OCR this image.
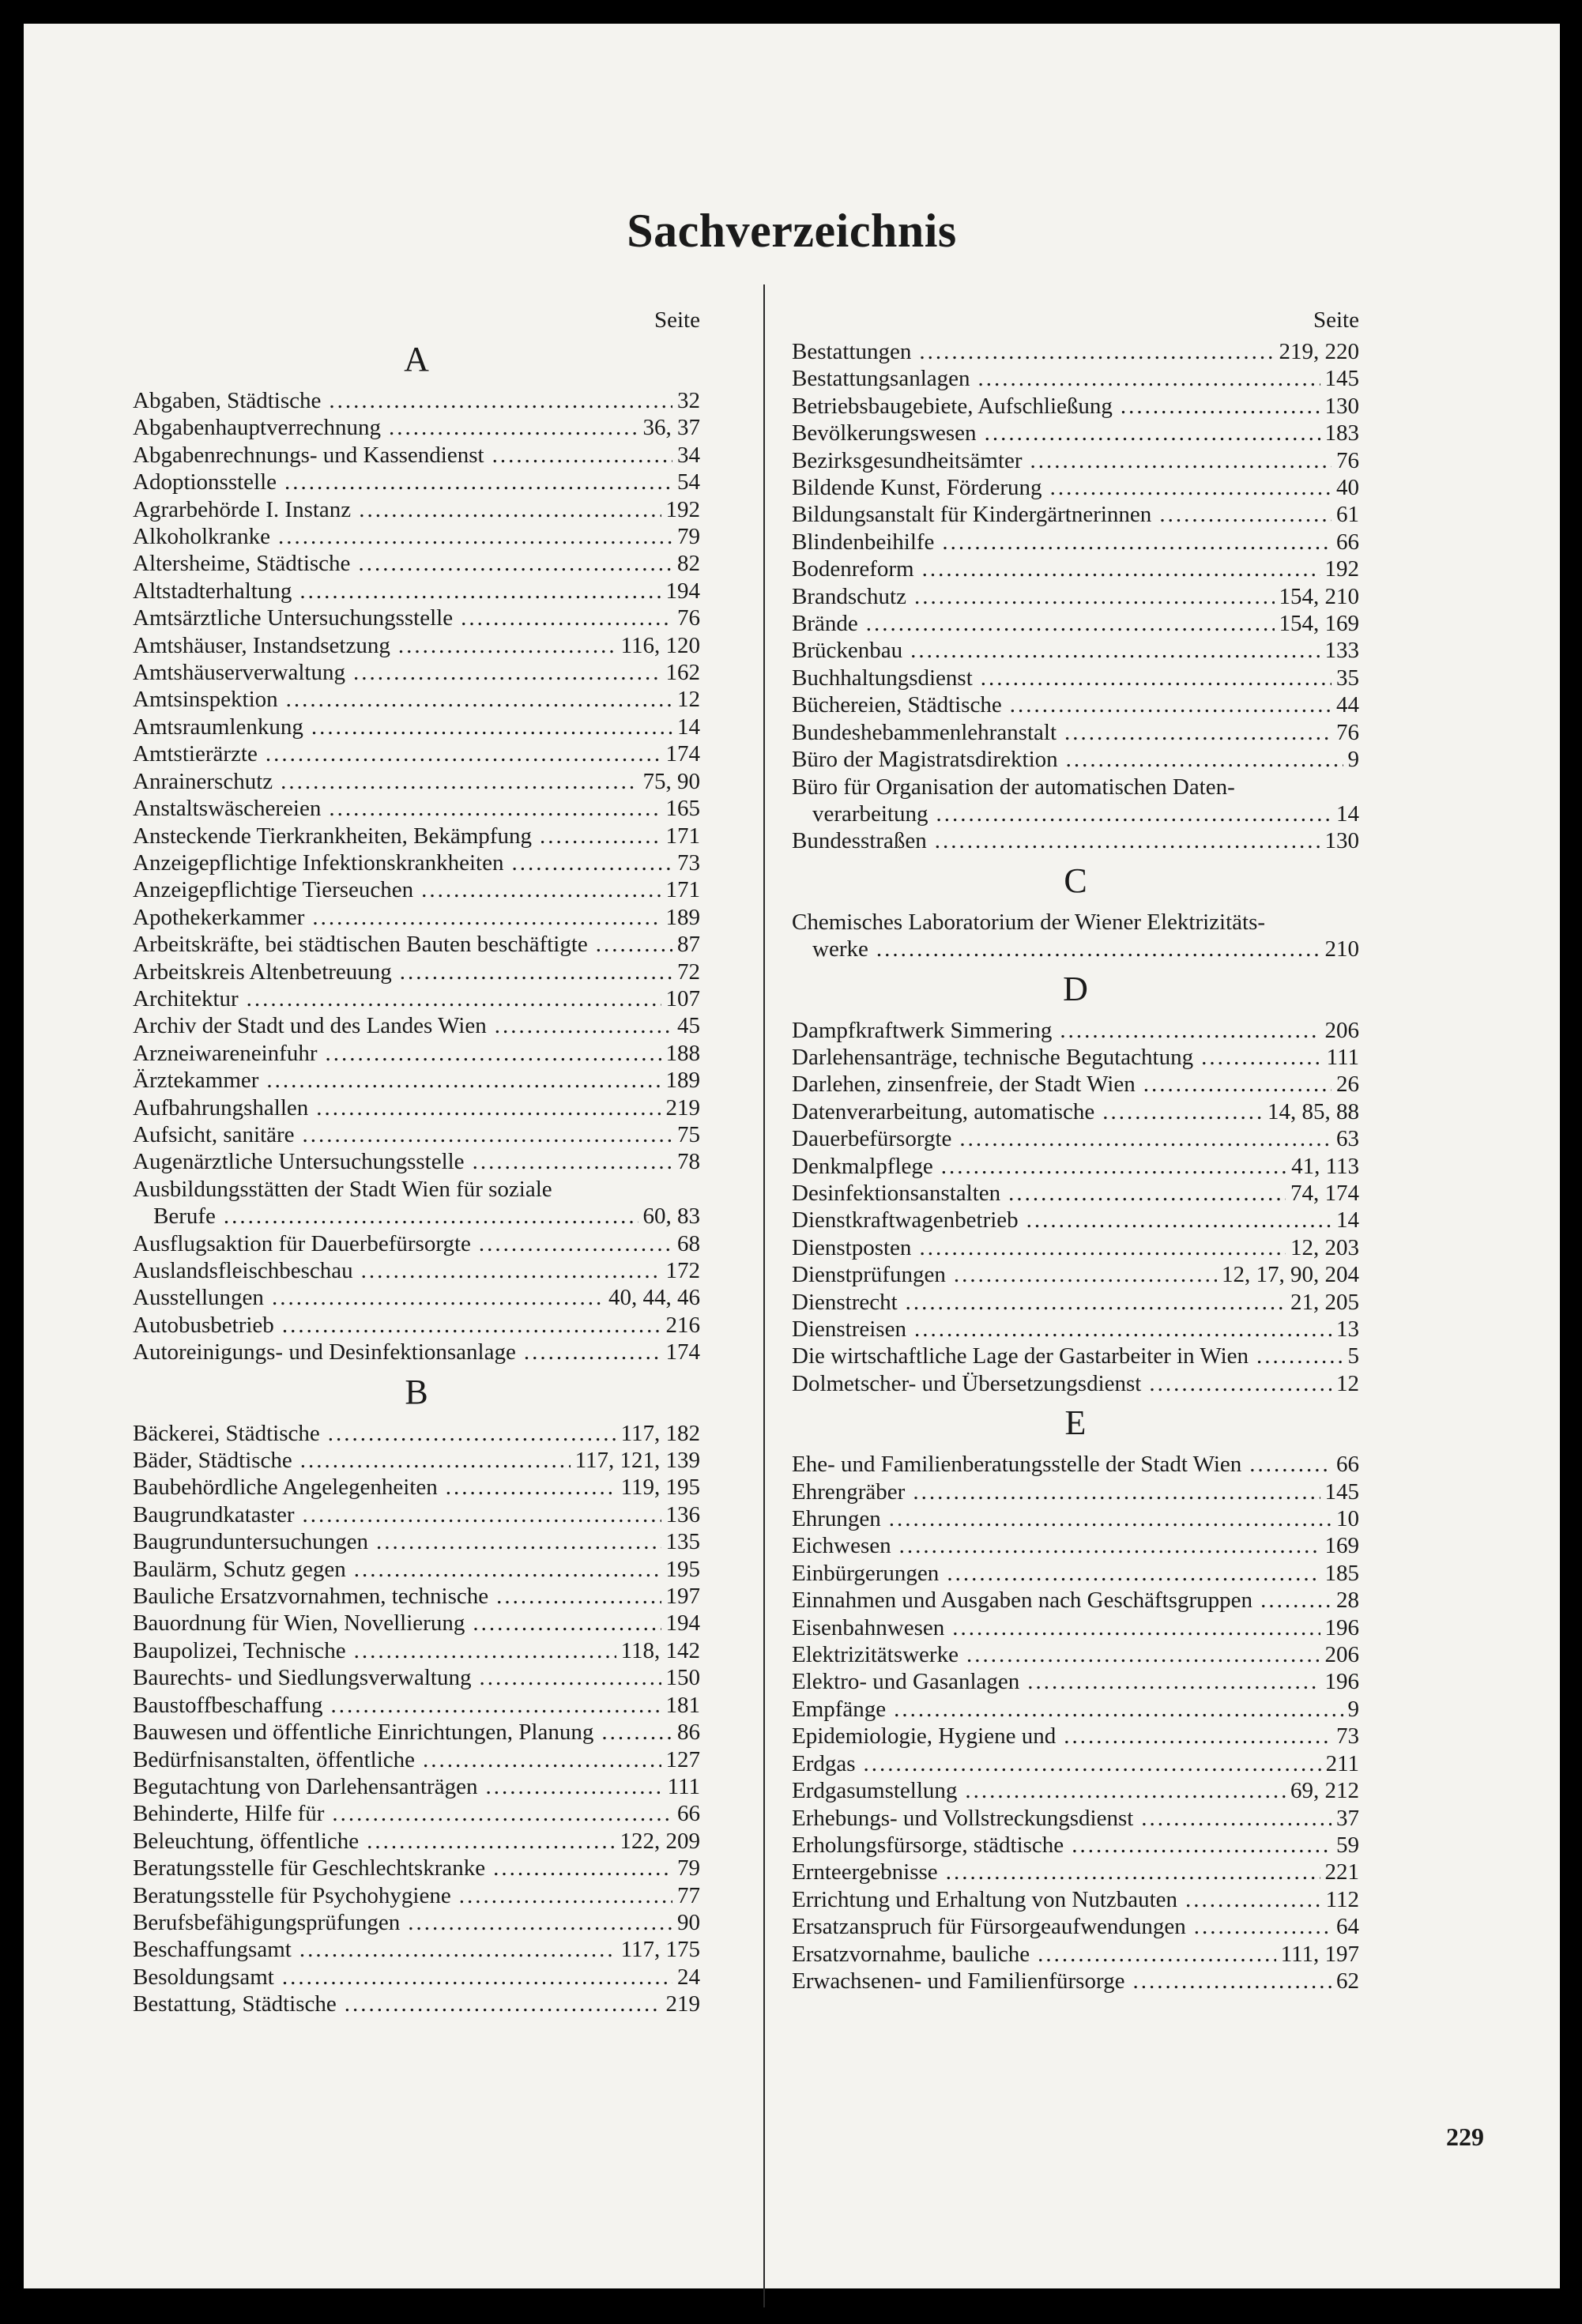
Sachverzeichnis
Seite
A
Abgaben, Städtische .....	32
Abgabenhauptverrechnung .....	36, 37
Abgabenrechnungs- und Kassendienst .....	34
Adoptionsstelle .....	54
Agrarbehörde I. Instanz .....	192
Alkoholkranke .....	79
Altersheime, Städtische .....	82
Altstadterhaltung .....	194
Amtsärztliche Untersuchungsstelle .....	76
Amtshäuser, Instandsetzung .....	116, 120
Amtshäuserverwaltung .....	162
Amtsinspektion .....	12
Amtsraumlenkung .....	14
Amtstierärzte .....	174
Anrainerschutz .....	75, 90
Anstaltswäschereien .....	165
Ansteckende Tierkrankheiten, Bekämpfung .....	171
Anzeigepflichtige Infektionskrankheiten .....	73
Anzeigepflichtige Tierseuchen .....	171
Apothekerkammer .....	189
Arbeitskräfte, bei städtischen Bauten beschäftigte .....	87
Arbeitskreis Altenbetreuung .....	72
Architektur .....	107
Archiv der Stadt und des Landes Wien .....	45
Arzneiwareneinfuhr .....	188
Ärztekammer .....	189
Aufbahrungshallen .....	219
Aufsicht, sanitäre .....	75
Augenärztliche Untersuchungsstelle .....	78
Ausbildungsstätten der Stadt Wien für soziale
Berufe .....	60, 83
Ausflugsaktion für Dauerbefürsorgte .....	68
Auslandsfleischbeschau .....	172
Ausstellungen .....	40, 44, 46
Autobusbetrieb .....	216
Autoreinigungs- und Desinfektionsanlage .....	174
B
Bäckerei, Städtische .....	117, 182
Bäder, Städtische .....	117, 121, 139
Baubehördliche Angelegenheiten .....	119, 195
Baugrundkataster .....	136
Baugrunduntersuchungen .....	135
Baulärm, Schutz gegen .....	195
Bauliche Ersatzvornahmen, technische .....	197
Bauordnung für Wien, Novellierung .....	194
Baupolizei, Technische .....	118, 142
Baurechts- und Siedlungsverwaltung .....	150
Baustoffbeschaffung .....	181
Bauwesen und öffentliche Einrichtungen, Planung .....	86
Bedürfnisanstalten, öffentliche .....	127
Begutachtung von Darlehensanträgen .....	111
Behinderte, Hilfe für .....	66
Beleuchtung, öffentliche .....	122, 209
Beratungsstelle für Geschlechtskranke .....	79
Beratungsstelle für Psychohygiene .....	77
Berufsbefähigungsprüfungen .....	90
Beschaffungsamt .....	117, 175
Besoldungsamt .....	24
Bestattung, Städtische .....	219
Seite
Bestattungen .....	219, 220
Bestattungsanlagen .....	145
Betriebsbaugebiete, Aufschließung .....	130
Bevölkerungswesen .....	183
Bezirksgesundheitsämter .....	76
Bildende Kunst, Förderung .....	40
Bildungsanstalt für Kindergärtnerinnen .....	61
Blindenbeihilfe .....	66
Bodenreform .....	192
Brandschutz .....	154, 210
Brände .....	154, 169
Brückenbau .....	133
Buchhaltungsdienst .....	35
Büchereien, Städtische .....	44
Bundeshebammenlehranstalt .....	76
Büro der Magistratsdirektion .....	9
Büro für Organisation der automatischen Daten-
verarbeitung .....	14
Bundesstraßen .....	130
C
Chemisches Laboratorium der Wiener Elektrizitäts-
werke .....	210
D
Dampfkraftwerk Simmering .....	206
Darlehensanträge, technische Begutachtung .....	111
Darlehen, zinsenfreie, der Stadt Wien .....	26
Datenverarbeitung, automatische .....	14, 85, 88
Dauerbefürsorgte .....	63
Denkmalpflege .....	41, 113
Desinfektionsanstalten .....	74, 174
Dienstkraftwagenbetrieb .....	14
Dienstposten .....	12, 203
Dienstprüfungen .....	12, 17, 90, 204
Dienstrecht .....	21, 205
Dienstreisen .....	13
Die wirtschaftliche Lage der Gastarbeiter in Wien .....	5
Dolmetscher- und Übersetzungsdienst .....	12
E
Ehe- und Familienberatungsstelle der Stadt Wien .....	66
Ehrengräber .....	145
Ehrungen .....	10
Eichwesen .....	169
Einbürgerungen .....	185
Einnahmen und Ausgaben nach Geschäftsgruppen .....	28
Eisenbahnwesen .....	196
Elektrizitätswerke .....	206
Elektro- und Gasanlagen .....	196
Empfänge .....	9
Epidemiologie, Hygiene und .....	73
Erdgas .....	211
Erdgasumstellung .....	69, 212
Erhebungs- und Vollstreckungsdienst .....	37
Erholungsfürsorge, städtische .....	59
Ernteergebnisse .....	221
Errichtung und Erhaltung von Nutzbauten .....	112
Ersatzanspruch für Fürsorgeaufwendungen .....	64
Ersatzvornahme, bauliche .....	111, 197
Erwachsenen- und Familienfürsorge .....	62
229
